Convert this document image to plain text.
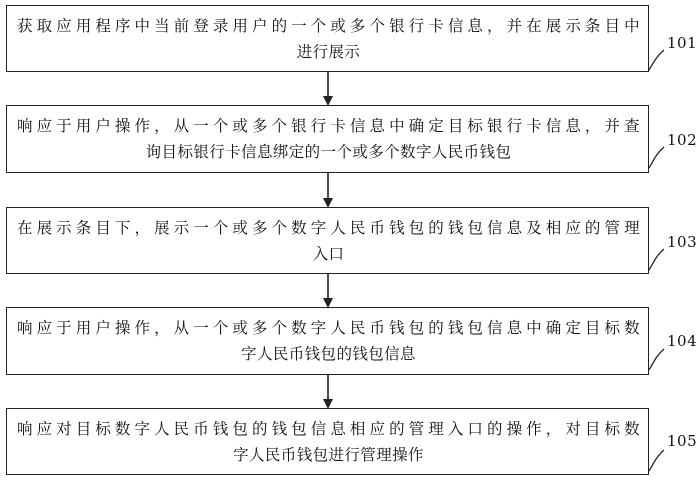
获取应用程序中当前登录用户的一个或多个银行卡信息，并在展示条目中
进行展示
响应于用户操作，从一个或多个银行卡信息中确定目标银行卡信息，并查
询目标银行卡信息绑定的一个或多个数字人民币钱包
在展示条目下，展示一个或多个数字人民币钱包的钱包信息及相应的管理
入口
响应于用户操作，从一个或多个数字人民币钱包的钱包信息中确定目标数
字人民币钱包的钱包信息
响应对目标数字人民币钱包的钱包信息相应的管理入口的操作，对目标数
字人民币钱包进行管理操作
101
102
103
104
105
